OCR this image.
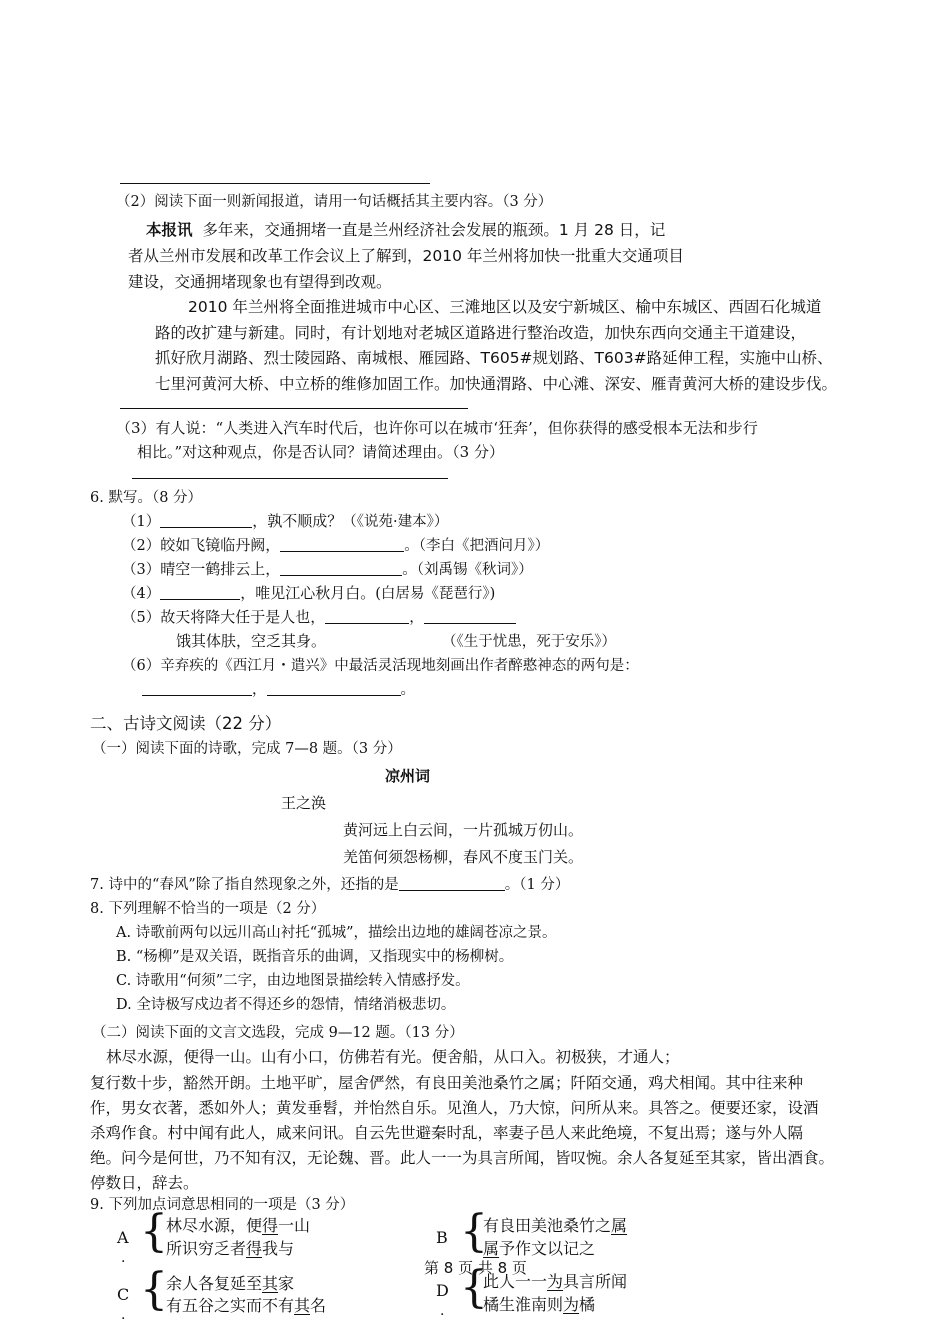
（2）阅读下面一则新闻报道，请用一句话概括其主要内容。（3 分）
本报讯 多年来，交通拥堵一直是兰州经济社会发展的瓶颈。1 月 28 日，记
者从兰州市发展和改革工作会议上了解到，2010 年兰州将加快一批重大交通项目
建设，交通拥堵现象也有望得到改观。
2010 年兰州将全面推进城市中心区、三滩地区以及安宁新城区、榆中东城区、西固石化城道
路的改扩建与新建。同时，有计划地对老城区道路进行整治改造，加快东西向交通主干道建设，
抓好欣月湖路、烈士陵园路、南城根、雁园路、T605#规划路、T603#路延伸工程，实施中山桥、
七里河黄河大桥、中立桥的维修加固工作。加快通渭路、中心滩、深安、雁青黄河大桥的建设步伐。
（3）有人说：“人类进入汽车时代后，也许你可以在城市‘狂奔’，但你获得的感受根本无法和步行
相比。”对这种观点，你是否认同？请简述理由。（3 分）
6. 默写。（8 分）
（1）	，孰不顺成？（《说苑·建本》）
（2）皎如飞镜临丹阙，	。（李白《把酒问月》）
（3）晴空一鹤排云上，	。（刘禹锡《秋词》）
（4）	，唯见江心秋月白。(白居易《琵琶行》)
（5）故天将降大任于是人也，	，
饿其体肤，空乏其身。	（《生于忧患，死于安乐》）
（6）辛弃疾的《西江月・遣兴》中最活灵活现地刻画出作者醉憨神态的两句是：
，	。
二、古诗文阅读（22 分）
（一）阅读下面的诗歌，完成 7—8 题。（3 分）
凉州词
王之涣
黄河远上白云间，一片孤城万仞山。
羌笛何须怨杨柳，春风不度玉门关。
7. 诗中的“春风”除了指自然现象之外，还指的是	。（1 分）
8. 下列理解不恰当的一项是（2 分）
A. 诗歌前两句以远川高山衬托“孤城”，描绘出边地的雄阔苍凉之景。
B. “杨柳”是双关语，既指音乐的曲调，又指现实中的杨柳树。
C. 诗歌用“何须”二字，由边地图景描绘转入情感抒发。
D. 全诗极写戍边者不得还乡的怨情，情绪消极悲切。
（二）阅读下面的文言文选段，完成 9—12 题。（13 分）
林尽水源，便得一山。山有小口，仿佛若有光。便舍船，从口入。初极狭，才通人；
复行数十步，豁然开朗。土地平旷，屋舍俨然，有良田美池桑竹之属；阡陌交通，鸡犬相闻。其中往来种
作，男女衣著，悉如外人；黄发垂髫，并怡然自乐。见渔人，乃大惊，问所从来。具答之。便要还家，设酒
杀鸡作食。村中闻有此人，咸来问讯。自云先世避秦时乱，率妻子邑人来此绝境，不复出焉；遂与外人隔
绝。问今是何世，乃不知有汉，无论魏、晋。此人一一为具言所闻，皆叹惋。余人各复延至其家，皆出酒食。
停数日，辞去。
9. 下列加点词意思相同的一项是（3 分）
A
·
{
林尽水源，便得一山
所识穷乏者得我与
B {
有良田美池桑竹之属
属予作文以记之
第 8 页 共 8 页
C
·
{
余人各复延至其家
有五谷之实而不有其名
D
·
{
此人一一为具言所闻
橘生淮南则为橘
